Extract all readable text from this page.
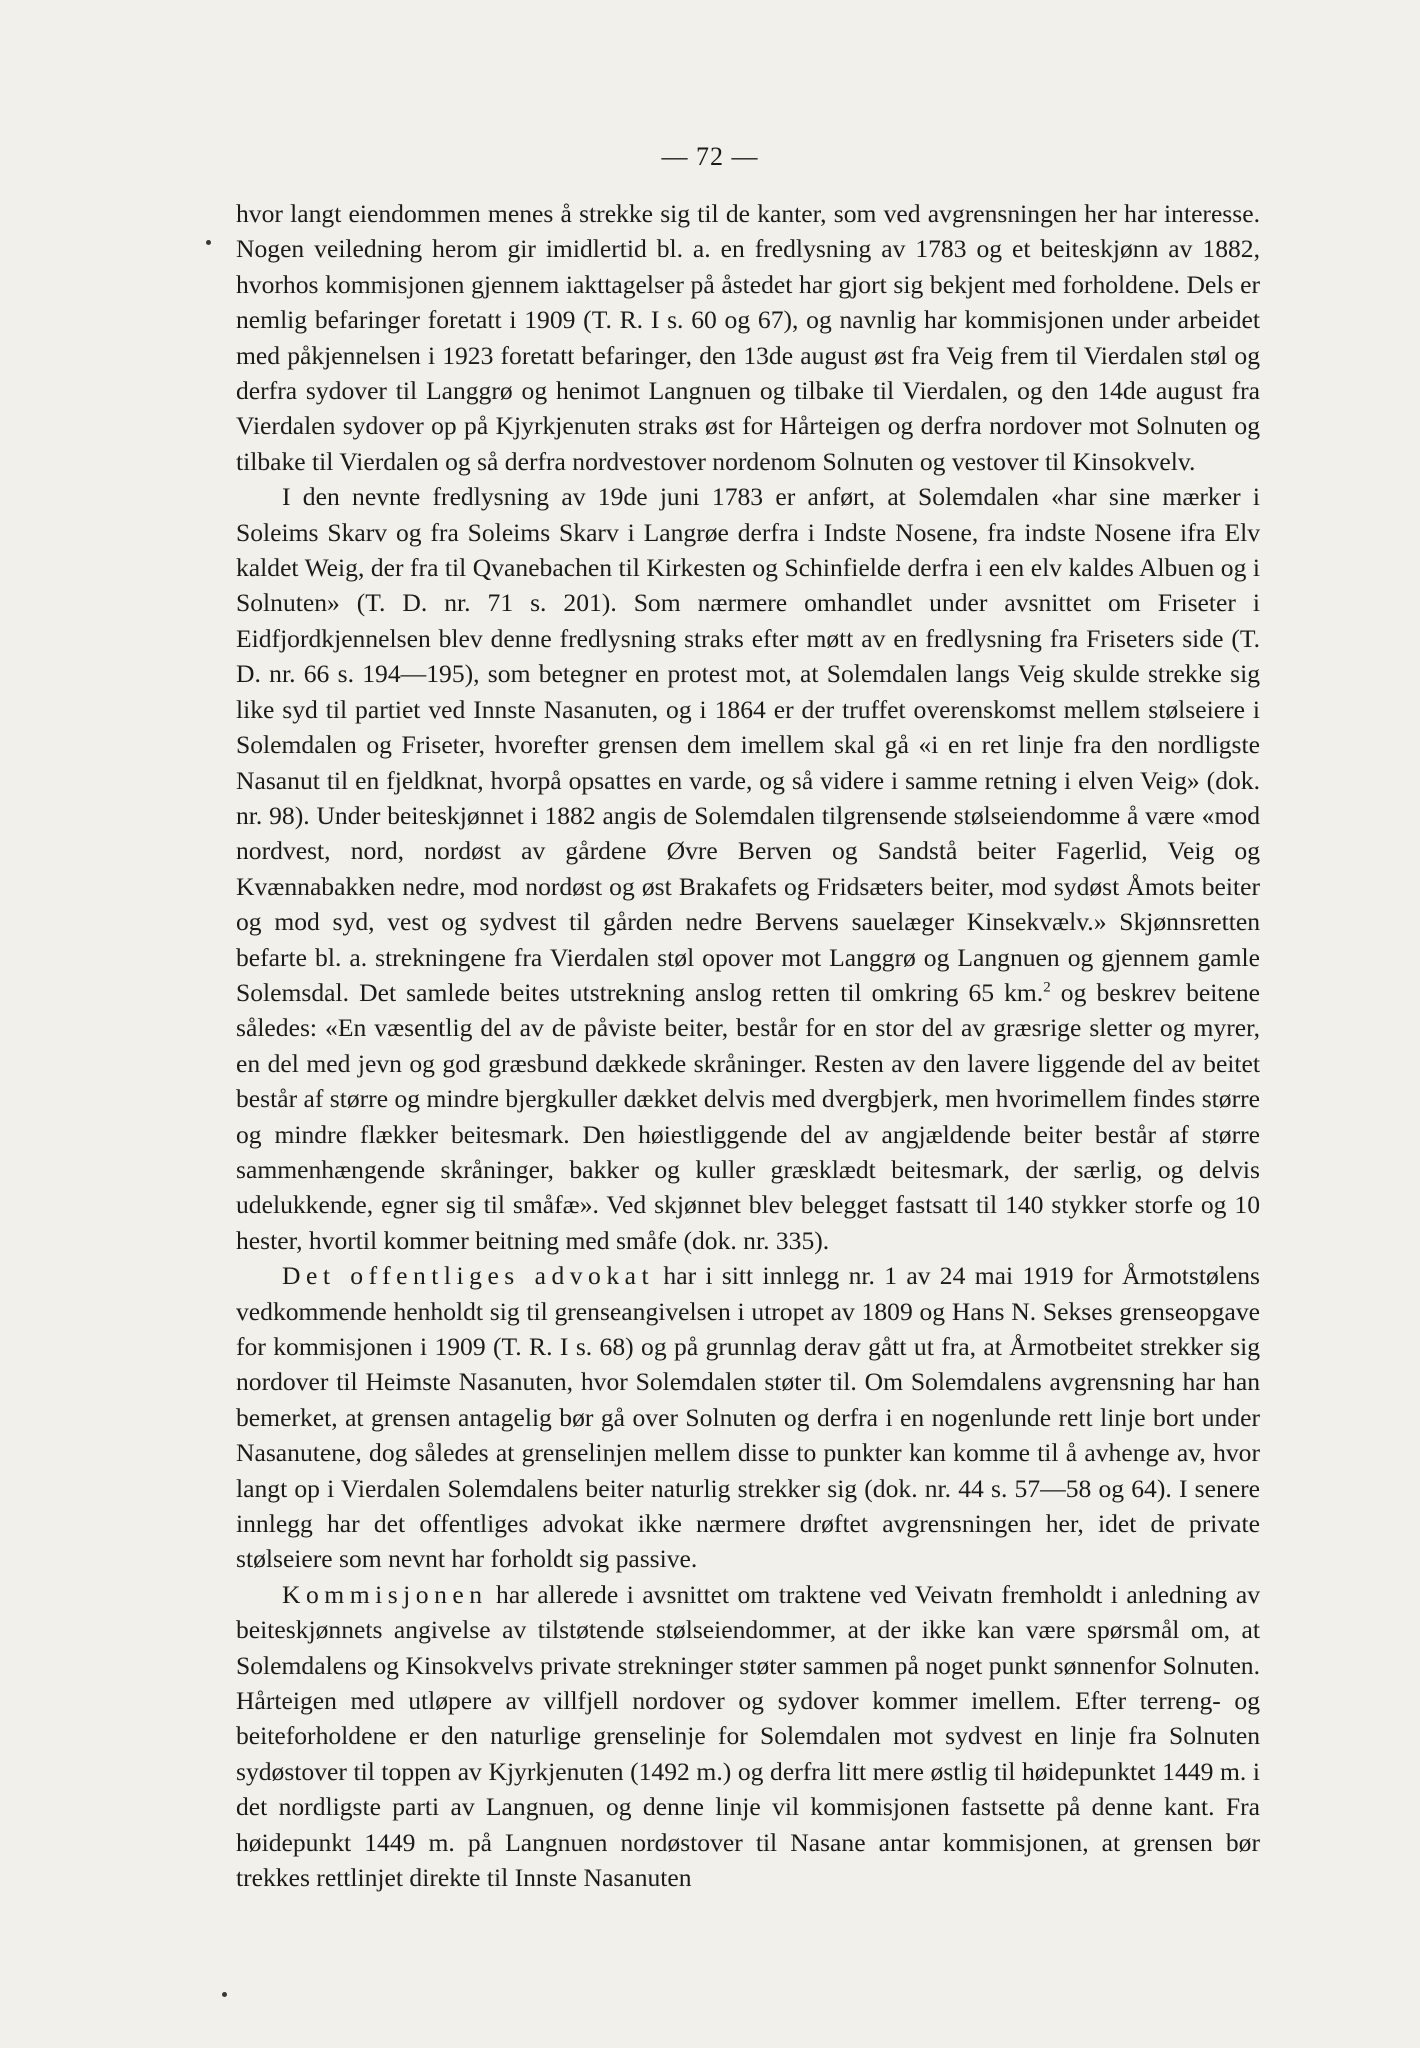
— 72 —

hvor langt eiendommen menes å strekke sig til de kanter, som ved avgrensningen her har interesse. Nogen veiledning herom gir imidlertid bl. a. en fredlysning av 1783 og et beiteskjønn av 1882, hvorhos kommisjonen gjennem iakttagelser på åstedet har gjort sig bekjent med forholdene. Dels er nemlig befaringer foretatt i 1909 (T. R. I s. 60 og 67), og navnlig har kommisjonen under arbeidet med påkjennelsen i 1923 foretatt befaringer, den 13de august øst fra Veig frem til Vierdalen støl og derfra sydover til Langgrø og henimot Langnuen og tilbake til Vierdalen, og den 14de august fra Vierdalen sydover op på Kjyrkjenuten straks øst for Hårteigen og derfra nordover mot Solnuten og tilbake til Vierdalen og så derfra nordvestover nordenom Solnuten og vestover til Kinsokvelv.

I den nevnte fredlysning av 19de juni 1783 er anført, at Solemdalen «har sine mærker i Soleims Skarv og fra Soleims Skarv i Langrøe derfra i Indste Nosene, fra indste Nosene ifra Elv kaldet Weig, der fra til Qvanebachen til Kirkesten og Schinfielde derfra i een elv kaldes Albuen og i Solnuten» (T. D. nr. 71 s. 201). Som nærmere omhandlet under avsnittet om Friseter i Eidfjordkjennelsen blev denne fredlysning straks efter møtt av en fredlysning fra Friseters side (T. D. nr. 66 s. 194—195), som betegner en protest mot, at Solemdalen langs Veig skulde strekke sig like syd til partiet ved Innste Nasanuten, og i 1864 er der truffet overenskomst mellem stølseiere i Solemdalen og Friseter, hvorefter grensen dem imellem skal gå «i en ret linje fra den nordligste Nasanut til en fjeldknat, hvorpå opsattes en varde, og så videre i samme retning i elven Veig» (dok. nr. 98). Under beiteskjønnet i 1882 angis de Solemdalen tilgrensende stølseiendomme å være «mod nordvest, nord, nordøst av gårdene Øvre Berven og Sandstå beiter Fagerlid, Veig og Kvænnabakken nedre, mod nordøst og øst Brakafets og Fridsæters beiter, mod sydøst Åmots beiter og mod syd, vest og sydvest til gården nedre Bervens sauelæger Kinsekvælv.» Skjønnsretten befarte bl. a. strekningene fra Vierdalen støl opover mot Langgrø og Langnuen og gjennem gamle Solemsdal. Det samlede beites utstrekning anslog retten til omkring 65 km.$^2$ og beskrev beitene således: «En væsentlig del av de påviste beiter, består for en stor del av græsrige sletter og myrer, en del med jevn og god græsbund dækkede skråninger. Resten av den lavere liggende del av beitet består af større og mindre bjergkuller dækket delvis med dvergbjerk, men hvorimellem findes større og mindre flækker beitesmark. Den høiestliggende del av angjældende beiter består af større sammenhængende skråninger, bakker og kuller græsklædt beitesmark, der særlig, og delvis udelukkende, egner sig til småfæ». Ved skjønnet blev belegget fastsatt til 140 stykker storfe og 10 hester, hvortil kommer beitning med småfe (dok. nr. 335).

Det offentliges advokat har i sitt innlegg nr. 1 av 24 mai 1919 for Årmotstølens vedkommende henholdt sig til grenseangivelsen i utropet av 1809 og Hans N. Sekses grenseopgave for kommisjonen i 1909 (T. R. I s. 68) og på grunnlag derav gått ut fra, at Årmotbeitet strekker sig nordover til Heimste Nasanuten, hvor Solemdalen støter til. Om Solemdalens avgrensning har han bemerket, at grensen antagelig bør gå over Solnuten og derfra i en nogenlunde rett linje bort under Nasanutene, dog således at grenselinjen mellem disse to punkter kan komme til å avhenge av, hvor langt op i Vierdalen Solemdalens beiter naturlig strekker sig (dok. nr. 44 s. 57—58 og 64). I senere innlegg har det offentliges advokat ikke nærmere drøftet avgrensningen her, idet de private stølseiere som nevnt har forholdt sig passive.

Kommisjonen har allerede i avsnittet om traktene ved Veivatn fremholdt i anledning av beiteskjønnets angivelse av tilstøtende stølseiendommer, at der ikke kan være spørsmål om, at Solemdalens og Kinsokvelvs private strekninger støter sammen på noget punkt sønnenfor Solnuten. Hårteigen med utløpere av villfjell nordover og sydover kommer imellem. Efter terreng- og beiteforholdene er den naturlige grenselinje for Solemdalen mot sydvest en linje fra Solnuten sydøstover til toppen av Kjyrkjenuten (1492 m.) og derfra litt mere østlig til høidepunktet 1449 m. i det nordligste parti av Langnuen, og denne linje vil kommisjonen fastsette på denne kant. Fra høidepunkt 1449 m. på Langnuen nordøstover til Nasane antar kommisjonen, at grensen bør trekkes rettlinjet direkte til Innste Nasanuten
